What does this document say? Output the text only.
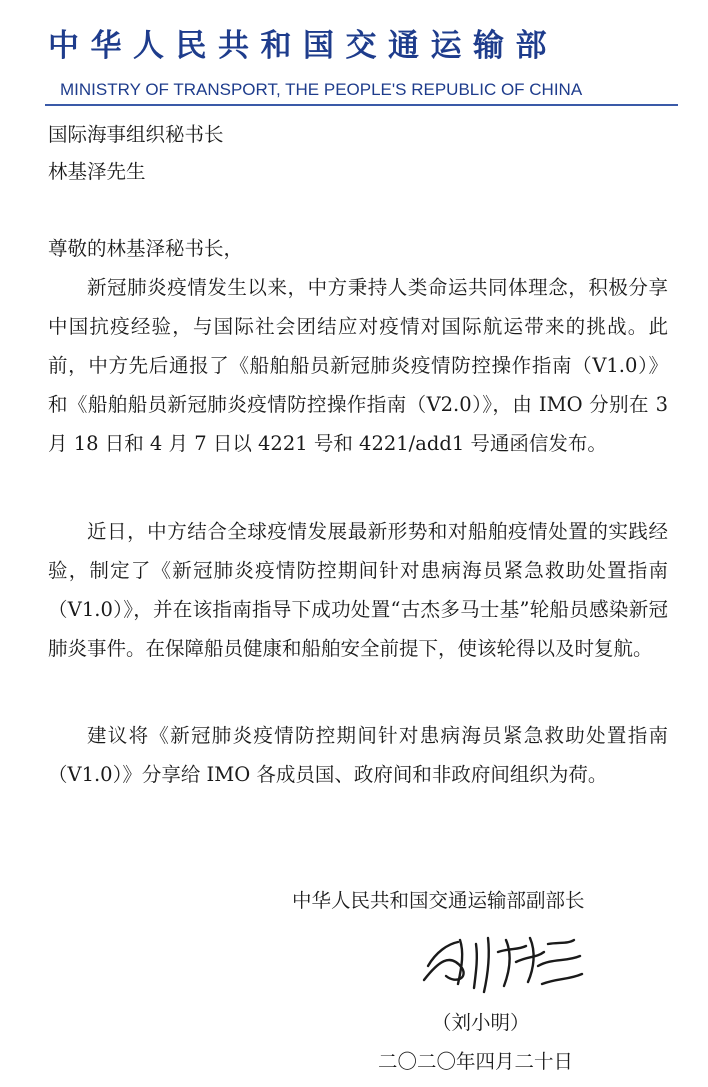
中华人民共和国交通运输部
MINISTRY OF TRANSPORT, THE PEOPLE'S REPUBLIC OF CHINA
国际海事组织秘书长
林基泽先生
尊敬的林基泽秘书长，

新冠肺炎疫情发生以来，中方秉持人类命运共同体理念，积极分享中国抗疫经验，与国际社会团结应对疫情对国际航运带来的挑战。此前，中方先后通报了《船舶船员新冠肺炎疫情防控操作指南（V1.0）》和《船舶船员新冠肺炎疫情防控操作指南（V2.0）》，由 IMO 分别在 3 月 18 日和 4 月 7 日以 4221 号和 4221/add1 号通函信发布。

近日，中方结合全球疫情发展最新形势和对船舶疫情处置的实践经验，制定了《新冠肺炎疫情防控期间针对患病海员紧急救助处置指南（V1.0）》，并在该指南指导下成功处置“古杰多马士基”轮船员感染新冠肺炎事件。在保障船员健康和船舶安全前提下，使该轮得以及时复航。

建议将《新冠肺炎疫情防控期间针对患病海员紧急救助处置指南（V1.0）》分享给 IMO 各成员国、政府间和非政府间组织为荷。

中华人民共和国交通运输部副部长
（刘小明）
二〇二〇年四月二十日
